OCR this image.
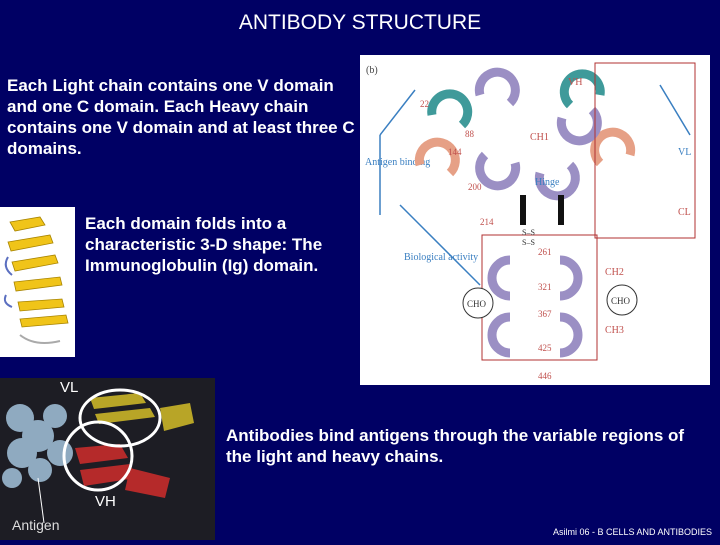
ANTIBODY STRUCTURE
Each Light chain contains one V domain and one C domain. Each Heavy chain contains one V domain and at least three C domains.
(b)
Antigen binding
Biological activity
Hinge
CHO	CHO
VH
VL
CH1
CL
CH2
CH3
22
88
144
200
214
261
321
367
425
446
S–S
S–S
Each domain folds into a characteristic 3-D shape: The Immunoglobulin (Ig) domain.
VL
VH
Antigen
Antibodies bind antigens through the variable regions of the light and heavy chains.
Asilmi 06 - B CELLS AND ANTIBODIES
